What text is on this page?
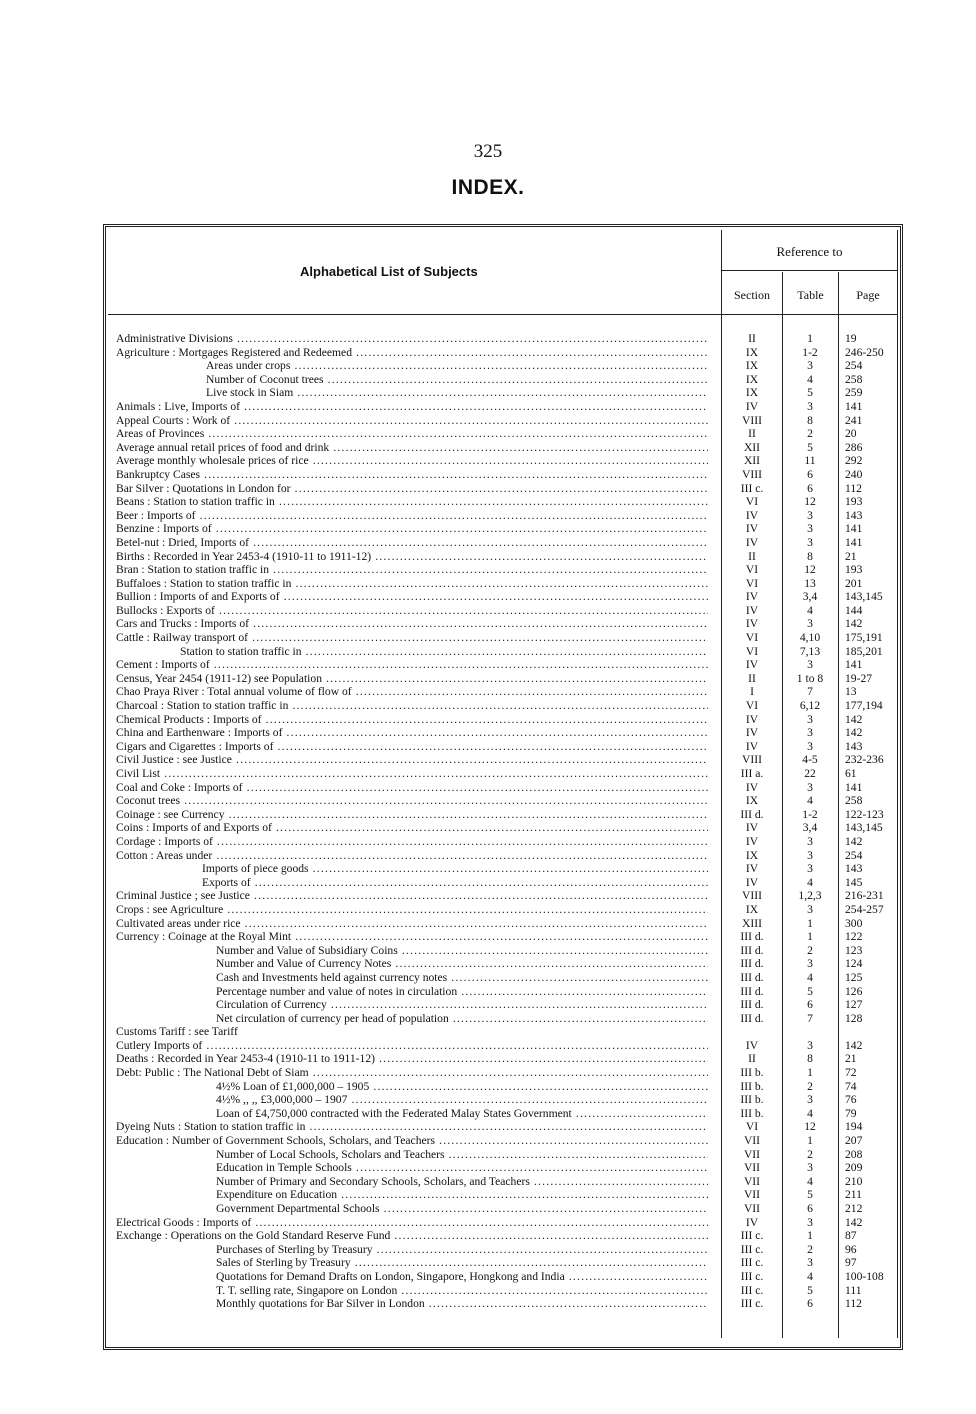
325
INDEX.
Alphabetical List of Subjects
Reference to
Section	Table	Page
Administrative Divisions .....	II	1	19
Agriculture : Mortgages Registered and Redeemed .....	IX	1-2	246-250
Areas under crops .....	IX	3	254
Number of Coconut trees .....	IX	4	258
Live stock in Siam .....	IX	5	259
Animals : Live, Imports of .....	IV	3	141
Appeal Courts : Work of .....	VIII	8	241
Areas of Provinces .....	II	2	20
Average annual retail prices of food and drink .....	XII	5	286
Average monthly wholesale prices of rice .....	XII	11	292
Bankruptcy Cases .....	VIII	6	240
Bar Silver : Quotations in London for .....	III c.	6	112
Beans : Station to station traffic in .....	VI	12	193
Beer : Imports of .....	IV	3	143
Benzine : Imports of .....	IV	3	141
Betel-nut : Dried, Imports of .....	IV	3	141
Births : Recorded in Year 2453-4 (1910-11 to 1911-12) .....	II	8	21
Bran : Station to station traffic in .....	VI	12	193
Buffaloes : Station to station traffic in .....	VI	13	201
Bullion : Imports of and Exports of .....	IV	3,4	143,145
Bullocks : Exports of .....	IV	4	144
Cars and Trucks : Imports of .....	IV	3	142
Cattle : Railway transport of .....	VI	4,10	175,191
Station to station traffic in .....	VI	7,13	185,201
Cement : Imports of .....	IV	3	141
Census, Year 2454 (1911-12) see Population .....	II	1 to 8	19-27
Chao Praya River : Total annual volume of flow of .....	I	7	13
Charcoal : Station to station traffic in .....	VI	6,12	177,194
Chemical Products : Imports of .....	IV	3	142
China and Earthenware : Imports of .....	IV	3	142
Cigars and Cigarettes : Imports of .....	IV	3	143
Civil Justice : see Justice .....	VIII	4-5	232-236
Civil List .....	III a.	22	61
Coal and Coke : Imports of .....	IV	3	141
Coconut trees .....	IX	4	258
Coinage : see Currency .....	III d.	1-2	122-123
Coins : Imports of and Exports of .....	IV	3,4	143,145
Cordage : Imports of .....	IV	3	142
Cotton : Areas under .....	IX	3	254
Imports of piece goods .....	IV	3	143
Exports of .....	IV	4	145
Criminal Justice ; see Justice .....	VIII	1,2,3	216-231
Crops : see Agriculture .....	IX	3	254-257
Cultivated areas under rice .....	XIII	1	300
Currency : Coinage at the Royal Mint .....	III d.	1	122
Number and Value of Subsidiary Coins .....	III d.	2	123
Number and Value of Currency Notes .....	III d.	3	124
Cash and Investments held against currency notes .....	III d.	4	125
Percentage number and value of notes in circulation .....	III d.	5	126
Circulation of Currency .....	III d.	6	127
Net circulation of currency per head of population .....	III d.	7	128
Customs Tariff : see Tariff
Cutlery Imports of .....	IV	3	142
Deaths : Recorded in Year 2453-4 (1910-11 to 1911-12) .....	II	8	21
Debt: Public : The National Debt of Siam .....	III b.	1	72
4½% Loan of £1,000,000 – 1905 .....	III b.	2	74
4½% ,, ,, £3,000,000 – 1907 .....	III b.	3	76
Loan of £4,750,000 contracted with the Federated Malay States Government .....	III b.	4	79
Dyeing Nuts : Station to station traffic in .....	VI	12	194
Education : Number of Government Schools, Scholars, and Teachers .....	VII	1	207
Number of Local Schools, Scholars and Teachers .....	VII	2	208
Education in Temple Schools .....	VII	3	209
Number of Primary and Secondary Schools, Scholars, and Teachers .....	VII	4	210
Expenditure on Education .....	VII	5	211
Government Departmental Schools .....	VII	6	212
Electrical Goods : Imports of .....	IV	3	142
Exchange : Operations on the Gold Standard Reserve Fund .....	III c.	1	87
Purchases of Sterling by Treasury .....	III c.	2	96
Sales of Sterling by Treasury .....	III c.	3	97
Quotations for Demand Drafts on London, Singapore, Hongkong and India .....	III c.	4	100-108
T. T. selling rate, Singapore on London .....	III c.	5	111
Monthly quotations for Bar Silver in London .....	III c.	6	112
